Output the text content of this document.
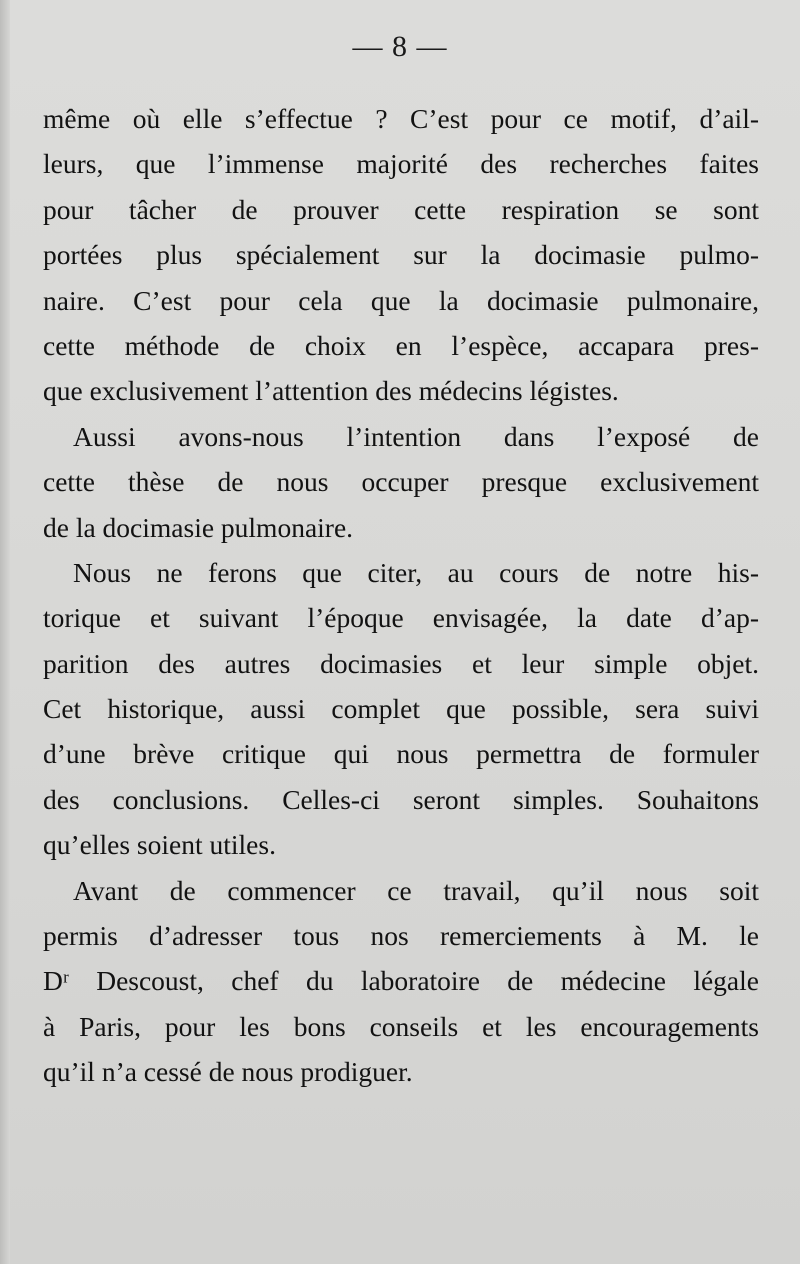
— 8 —
même où elle s’effectue ? C’est pour ce motif, d’ail-
leurs, que l’immense majorité des recherches faites
pour tâcher de prouver cette respiration se sont
portées plus spécialement sur la docimasie pulmo-
naire. C’est pour cela que la docimasie pulmonaire,
cette méthode de choix en l’espèce, accapara pres-
que exclusivement l’attention des médecins légistes.
Aussi avons-nous l’intention dans l’exposé de
cette thèse de nous occuper presque exclusivement
de la docimasie pulmonaire.
Nous ne ferons que citer, au cours de notre his-
torique et suivant l’époque envisagée, la date d’ap-
parition des autres docimasies et leur simple objet.
Cet historique, aussi complet que possible, sera suivi
d’une brève critique qui nous permettra de formuler
des conclusions. Celles-ci seront simples. Souhaitons
qu’elles soient utiles.
Avant de commencer ce travail, qu’il nous soit
permis d’adresser tous nos remerciements à M. le
Dʳ Descoust, chef du laboratoire de médecine légale
à Paris, pour les bons conseils et les encouragements
qu’il n’a cessé de nous prodiguer.
